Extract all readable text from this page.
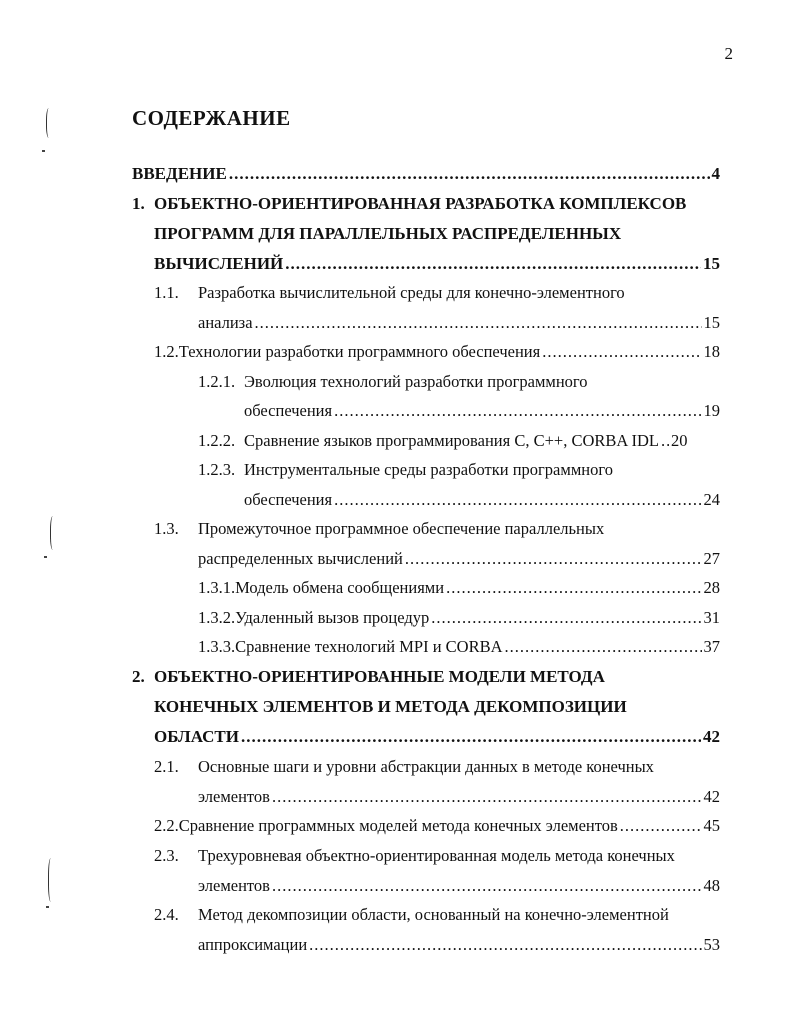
2
СОДЕРЖАНИЕ
ВВЕДЕНИЕ .....	4
1. ОБЪЕКТНО-ОРИЕНТИРОВАННАЯ РАЗРАБОТКА КОМПЛЕКСОВ
ПРОГРАММ ДЛЯ ПАРАЛЛЕЛЬНЫХ РАСПРЕДЕЛЕННЫХ
ВЫЧИСЛЕНИЙ .....	15
1.1.	Разработка вычислительной среды для конечно-элементного
анализа .....	15
1.2. Технологии разработки программного обеспечения .....	18
1.2.1. Эволюция технологий разработки программного
обеспечения .....	19
1.2.2. Сравнение языков программирования C, C++, CORBA IDL ..... 20
1.2.3. Инструментальные среды разработки программного
обеспечения .....	24
1.3.	Промежуточное программное обеспечение параллельных
распределенных вычислений .....	27
1.3.1. Модель обмена сообщениями .....	28
1.3.2. Удаленный вызов процедур .....	31
1.3.3. Сравнение технологий MPI и CORBA .....	37
2. ОБЪЕКТНО-ОРИЕНТИРОВАННЫЕ МОДЕЛИ МЕТОДА
КОНЕЧНЫХ ЭЛЕМЕНТОВ И МЕТОДА ДЕКОМПОЗИЦИИ
ОБЛАСТИ .....	42
2.1.	Основные шаги и уровни абстракции данных в методе конечных
элементов .....	42
2.2. Сравнение программных моделей метода конечных элементов .....	45
2.3.	Трехуровневая объектно-ориентированная модель метода конечных
элементов .....	48
2.4.	Метод декомпозиции области, основанный на конечно-элементной
аппроксимации .....	53
